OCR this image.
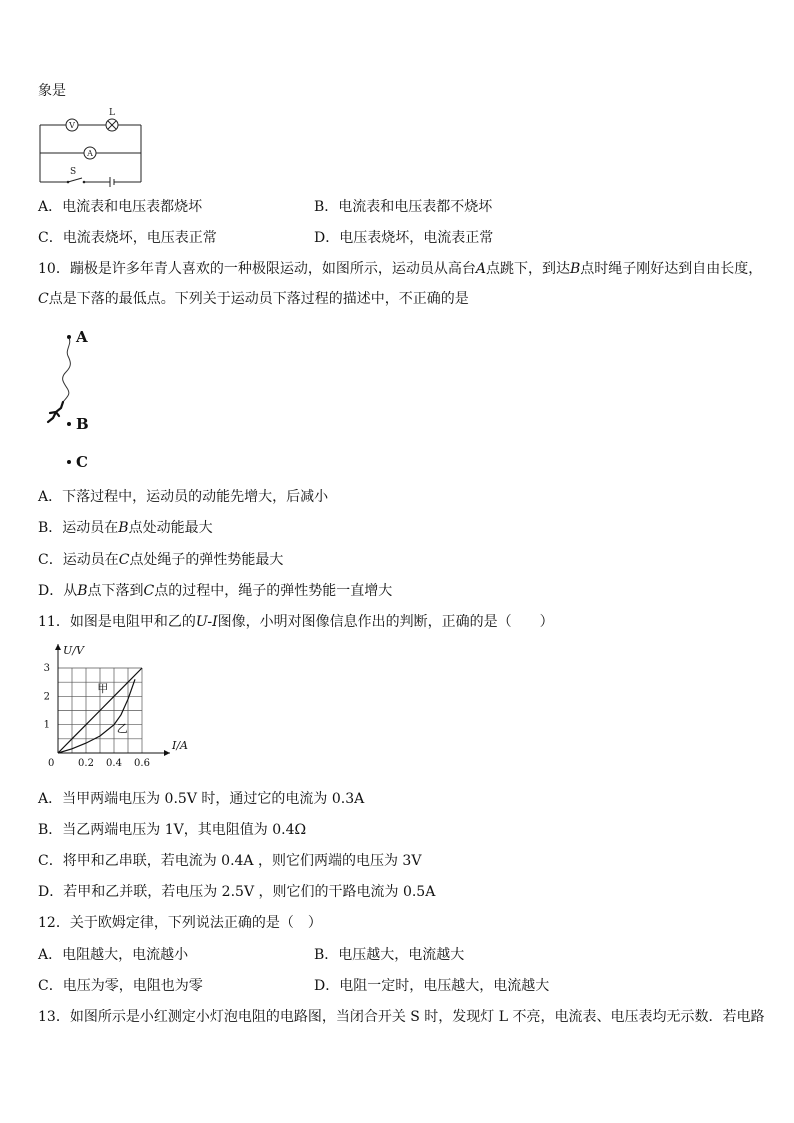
象是
V
A
L
S
A．电流表和电压表都烧坏	B．电流表和电压表都不烧坏
C．电流表烧坏，电压表正常	D．电压表烧坏，电流表正常
10．蹦极是许多年青人喜欢的一种极限运动，如图所示，运动员从高台A点跳下，到达B点时绳子刚好达到自由长度，
C点是下落的最低点。下列关于运动员下落过程的描述中，不正确的是
A
B
C
A．下落过程中，运动员的动能先增大，后减小
B．运动员在B点处动能最大
C．运动员在C点处绳子的弹性势能最大
D．从B点下落到C点的过程中，绳子的弹性势能一直增大
11．如图是电阻甲和乙的U-I图像，小明对图像信息作出的判断，正确的是（　　）
0.2 0.4 0.6
1
2
3
0
I/A
U/V
甲
乙
A．当甲两端电压为 0.5V 时，通过它的电流为 0.3A
B．当乙两端电压为 1V，其电阻值为 0.4Ω
C．将甲和乙串联，若电流为 0.4A ，则它们两端的电压为 3V
D．若甲和乙并联，若电压为 2.5V ，则它们的干路电流为 0.5A
12．关于欧姆定律，下列说法正确的是（　）
A．电阻越大，电流越小	B．电压越大，电流越大
C．电压为零，电阻也为零	D．电阻一定时，电压越大，电流越大
13．如图所示是小红测定小灯泡电阻的电路图，当闭合开关 S 时，发现灯 L 不亮，电流表、电压表均无示数．若电路
